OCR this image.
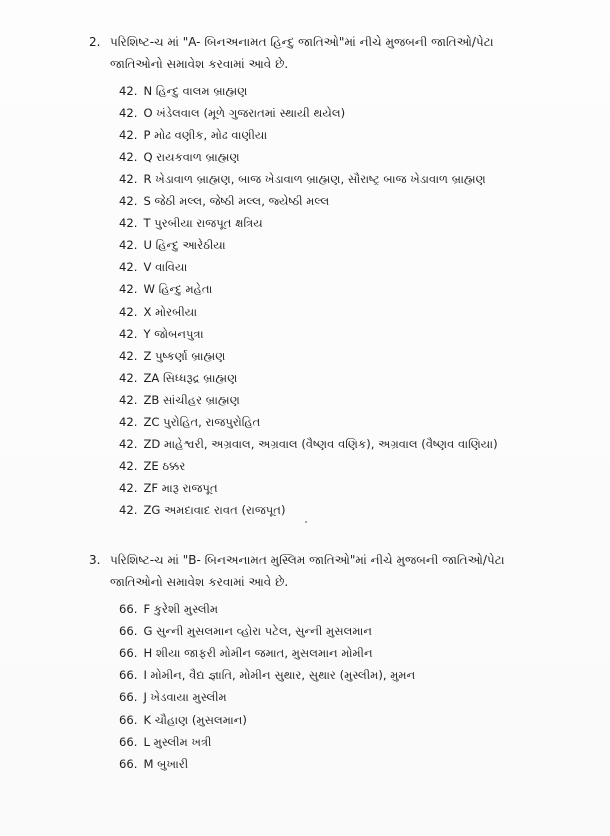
2. પરિશિષ્ટ-ચ માં "A- બિનઅનામત હિન્દુ જાતિઓ"માં નીચે મુજબની જાતિઓ/પેટા
જાતિઓનો સમાવેશ કરવામાં આવે છે.
42. N હિન્દુ વાલમ બ્રાહ્મણ
42. O ખંડેલવાલ (મૂળે ગુજરાતમાં સ્થાયી થયેલ)
42. P મોઢ વણીક, મોઢ વાણીયા
42. Q રાયકવાળ બ્રાહ્મણ
42. R ખેડાવાળ બ્રાહ્મણ, બાજ ખેડાવાળ બ્રાહ્મણ, સૌરાષ્ટ્ર બાજ ખેડાવાળ બ્રાહ્મણ
42. S જેઠી મલ્લ, જેષ્ઠી મલ્લ, જ્યેષ્ઠી મલ્લ
42. T પુરબીયા રાજપૂત ક્ષત્રિય
42. U હિન્દુ આરેઠીયા
42. V વાવિયા
42. W હિન્દુ મહેતા
42. X મોરબીયા
42. Y જોબનપુત્રા
42. Z પુષ્કર્ણા બ્રાહ્મણ
42. ZA સિધ્ધરૂદ્ર બ્રાહ્મણ
42. ZB સાંચીહર બ્રાહ્મણ
42. ZC પુરોહિત, રાજપુરોહિત
42. ZD માહેશ્વરી, અગ્રવાલ, અગ્રવાલ (વૈષ્ણવ વણિક), અગ્રવાલ (વૈષ્ણવ વાણિયા)
42. ZE ઠક્કર
42. ZF મારૂ રાજપૂત
42. ZG અમદાવાદ રાવત (રાજપૂત)
3. પરિશિષ્ટ-ચ માં "B- બિનઅનામત મુસ્લિમ જાતિઓ"માં નીચે મુજબની જાતિઓ/પેટા
જાતિઓનો સમાવેશ કરવામાં આવે છે.
66. F કુરેશી મુસ્લીમ
66. G સુન્ની મુસલમાન વ્હોરા પટેલ, સુન્ની મુસલમાન
66. H શીયા જાફરી મોમીન જમાત, મુસલમાન મોમીન
66. I મોમીન, વૈદ્ય જ્ઞાતિ, મોમીન સુથાર, સુથાર (મુસ્લીમ), મુમન
66. J ખેડવાયા મુસ્લીમ
66. K ચૌહાણ (મુસલમાન)
66. L મુસ્લીમ ખત્રી
66. M બુખારી
